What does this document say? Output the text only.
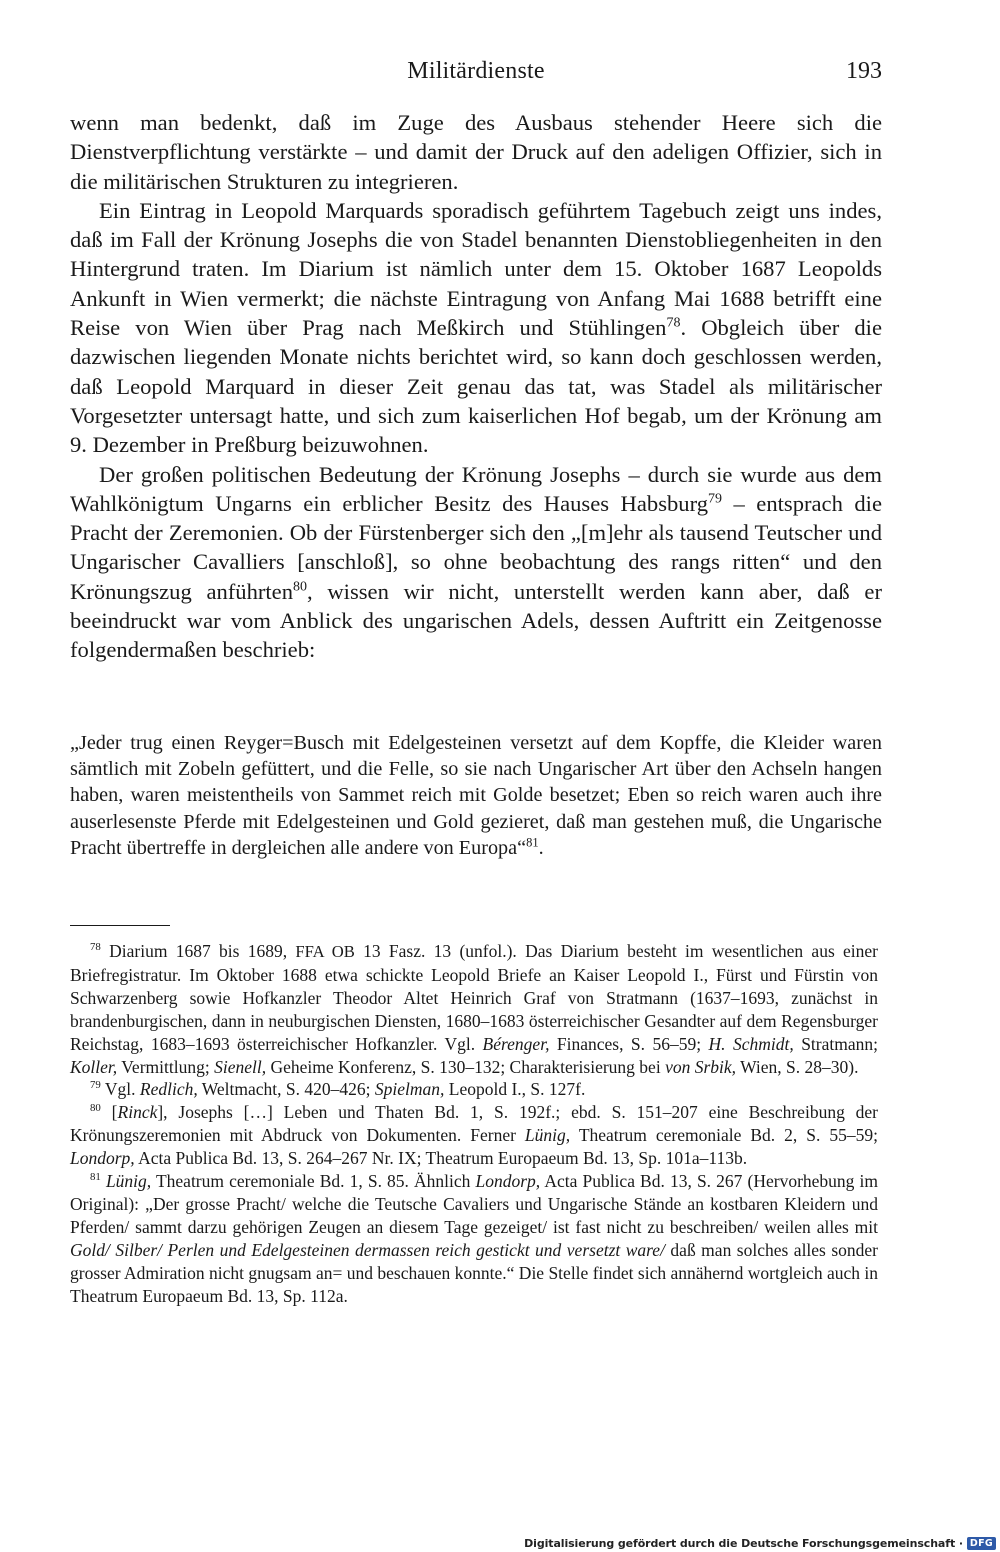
Militärdienste	193

wenn man bedenkt, daß im Zuge des Ausbaus stehender Heere sich die Dienstverpflichtung verstärkte – und damit der Druck auf den adeligen Offizier, sich in die militärischen Strukturen zu integrieren.

Ein Eintrag in Leopold Marquards sporadisch geführtem Tagebuch zeigt uns indes, daß im Fall der Krönung Josephs die von Stadel benannten Dienstobliegenheiten in den Hintergrund traten. Im Diarium ist nämlich unter dem 15. Oktober 1687 Leopolds Ankunft in Wien vermerkt; die nächste Eintragung von Anfang Mai 1688 betrifft eine Reise von Wien über Prag nach Meßkirch und Stühlingen$^{78}$. Obgleich über die dazwischen liegenden Monate nichts berichtet wird, so kann doch geschlossen werden, daß Leopold Marquard in dieser Zeit genau das tat, was Stadel als militärischer Vorgesetzter untersagt hatte, und sich zum kaiserlichen Hof begab, um der Krönung am 9. Dezember in Preßburg beizuwohnen.

Der großen politischen Bedeutung der Krönung Josephs – durch sie wurde aus dem Wahlkönigtum Ungarns ein erblicher Besitz des Hauses Habsburg$^{79}$ – entsprach die Pracht der Zeremonien. Ob der Fürstenberger sich den „[m]ehr als tausend Teutscher und Ungarischer Cavalliers [anschloß], so ohne beobachtung des rangs ritten“ und den Krönungszug anführten$^{80}$, wissen wir nicht, unterstellt werden kann aber, daß er beeindruckt war vom Anblick des ungarischen Adels, dessen Auftritt ein Zeitgenosse folgendermaßen beschrieb:

„Jeder trug einen Reyger=Busch mit Edelgesteinen versetzt auf dem Kopffe, die Kleider waren sämtlich mit Zobeln gefüttert, und die Felle, so sie nach Ungarischer Art über den Achseln hangen haben, waren meistentheils von Sammet reich mit Golde besetzet; Eben so reich waren auch ihre auserlesenste Pferde mit Edelgesteinen und Gold gezieret, daß man gestehen muß, die Ungarische Pracht übertreffe in dergleichen alle andere von Europa“$^{81}$.

$^{78}$ Diarium 1687 bis 1689, FFA OB 13 Fasz. 13 (unfol.). Das Diarium besteht im wesentlichen aus einer Briefregistratur. Im Oktober 1688 etwa schickte Leopold Briefe an Kaiser Leopold I., Fürst und Fürstin von Schwarzenberg sowie Hofkanzler Theodor Altet Heinrich Graf von Stratmann (1637–1693, zunächst in brandenburgischen, dann in neuburgischen Diensten, 1680–1683 österreichischer Gesandter auf dem Regensburger Reichstag, 1683–1693 österreichischer Hofkanzler. Vgl. Bérenger, Finances, S. 56–59; H. Schmidt, Stratmann; Koller, Vermittlung; Sienell, Geheime Konferenz, S. 130–132; Charakterisierung bei von Srbik, Wien, S. 28–30).

$^{79}$ Vgl. Redlich, Weltmacht, S. 420–426; Spielman, Leopold I., S. 127f.

$^{80}$ [Rinck], Josephs […] Leben und Thaten Bd. 1, S. 192f.; ebd. S. 151–207 eine Beschreibung der Krönungszeremonien mit Abdruck von Dokumenten. Ferner Lünig, Theatrum ceremoniale Bd. 2, S. 55–59; Londorp, Acta Publica Bd. 13, S. 264–267 Nr. IX; Theatrum Europaeum Bd. 13, Sp. 101a–113b.

$^{81}$ Lünig, Theatrum ceremoniale Bd. 1, S. 85. Ähnlich Londorp, Acta Publica Bd. 13, S. 267 (Hervorhebung im Original): „Der grosse Pracht/ welche die Teutsche Cavaliers und Ungarische Stände an kostbaren Kleidern und Pferden/ sammt darzu gehörigen Zeugen an diesem Tage gezeiget/ ist fast nicht zu beschreiben/ weilen alles mit Gold/ Silber/ Perlen und Edelgesteinen dermassen reich gestickt und versetzt ware/ daß man solches alles sonder grosser Admiration nicht gnugsam an= und beschauen konnte.“ Die Stelle findet sich annähernd wortgleich auch in Theatrum Europaeum Bd. 13, Sp. 112a.

Digitalisierung gefördert durch die Deutsche Forschungsgemeinschaft · DFG
